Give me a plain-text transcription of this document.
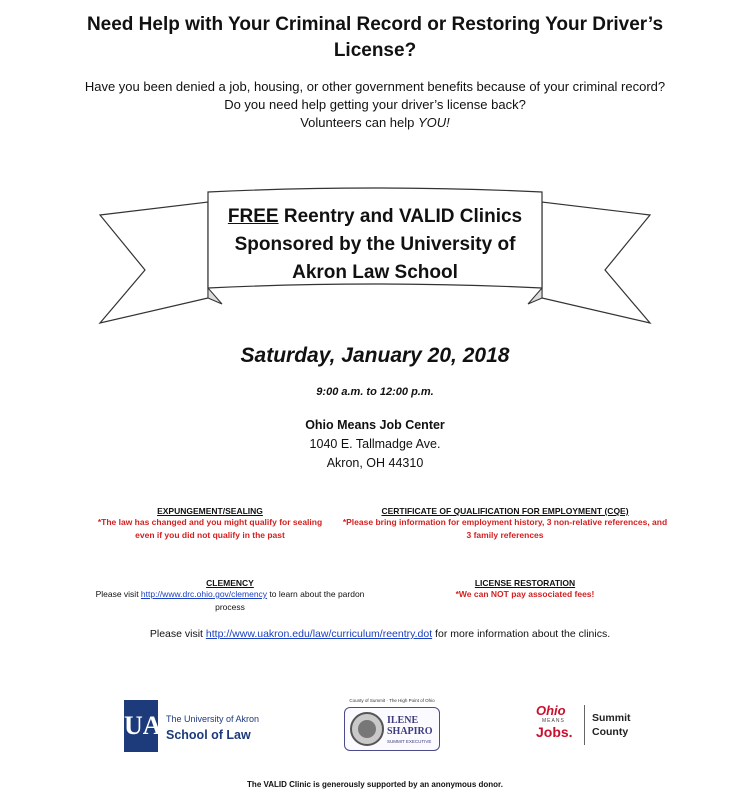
Need Help with Your Criminal Record or Restoring Your Driver’s License?
Have you been denied a job, housing, or other government benefits because of your criminal record?
Do you need help getting your driver’s license back?
Volunteers can help YOU!
FREE Reentry and VALID Clinics Sponsored by the University of Akron Law School
Saturday, January 20, 2018
9:00 a.m. to 12:00 p.m.
Ohio Means Job Center
1040 E. Tallmadge Ave.
Akron, OH 44310
EXPUNGEMENT/SEALING
*The law has changed and you might qualify for sealing even if you did not qualify in the past
CERTIFICATE OF QUALIFICATION FOR EMPLOYMENT (CQE)
*Please bring information for employment history, 3 non-relative references, and 3 family references
CLEMENCY
Please visit http://www.drc.ohio.gov/clemency to learn about the pardon process
LICENSE RESTORATION
*We can NOT pay associated fees!
Please visit http://www.uakron.edu/law/curriculum/reentry.dot for more information about the clinics.
UA The University of Akron
School of Law
County of Summit · The High Point of Ohio
ILENE
SHAPIRO
SUMMIT EXECUTIVE
Ohio
MEANS
Jobs.
Summit
County
The VALID Clinic is generously supported by an anonymous donor.
